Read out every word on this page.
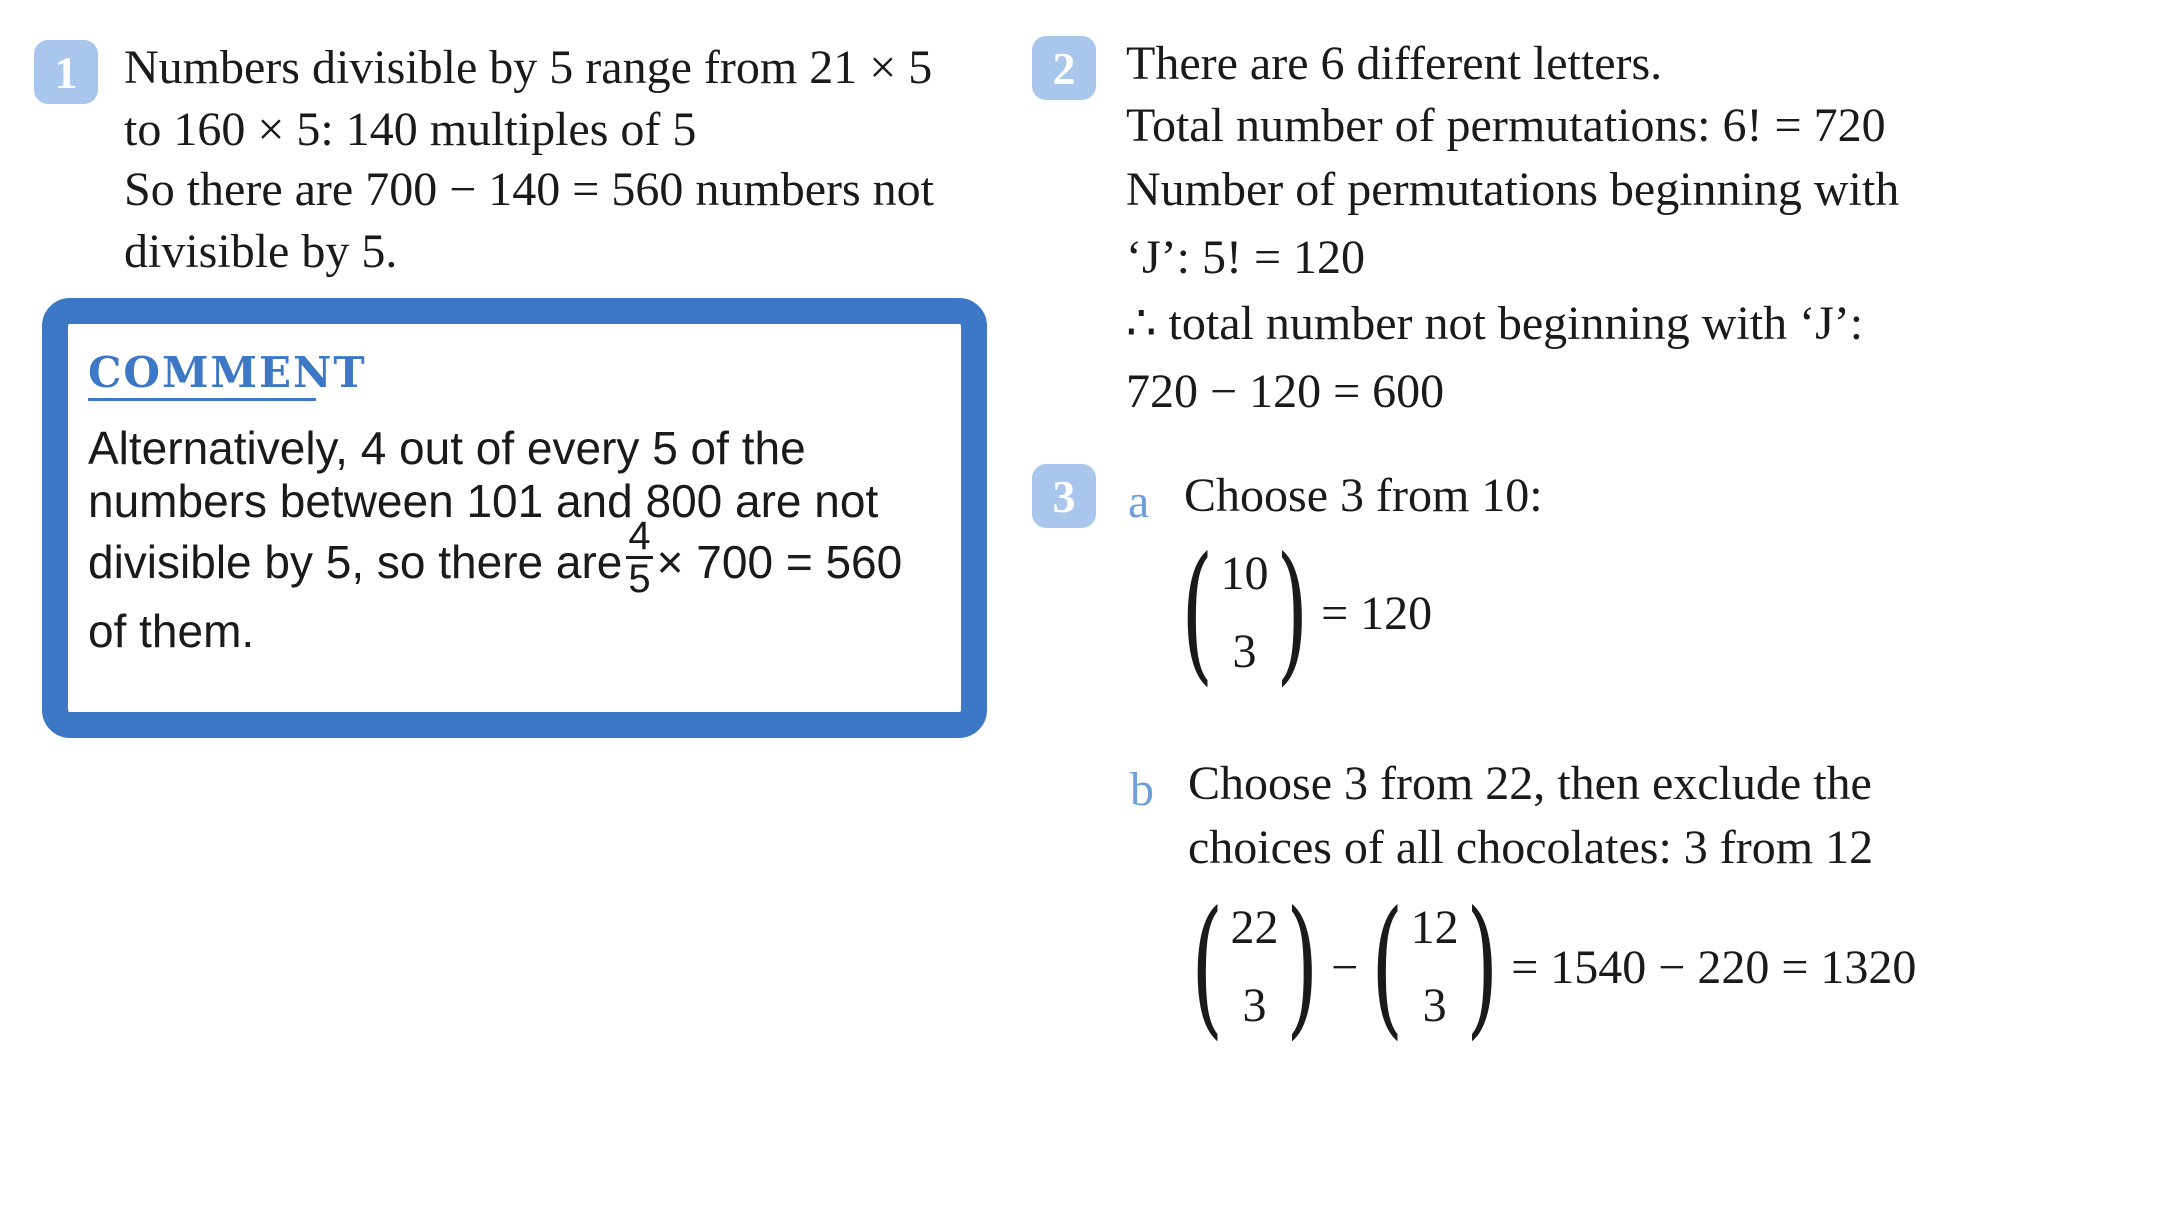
1 Numbers divisible by 5 range from 21 × 5
to 160 × 5: 140 multiples of 5
So there are 700 − 140 = 560 numbers not
divisible by 5.
COMMENT
Alternatively, 4 out of every 5 of the
numbers between 101 and 800 are not
divisible by 5, so there are $\frac{4}{5} \times 700 = 560$
of them.
2	There are 6 different letters.
Total number of permutations: 6! = 720
Number of permutations beginning with
‘J’: 5! = 120
∴ total number not beginning with ‘J’:
720 − 120 = 600
3	a Choose 3 from 10:
( 10
3 ) = 120
b Choose 3 from 22, then exclude the
choices of all chocolates: 3 from 12
( 22
3 ) − ( 12
3 ) = 1540 − 220 = 1320
